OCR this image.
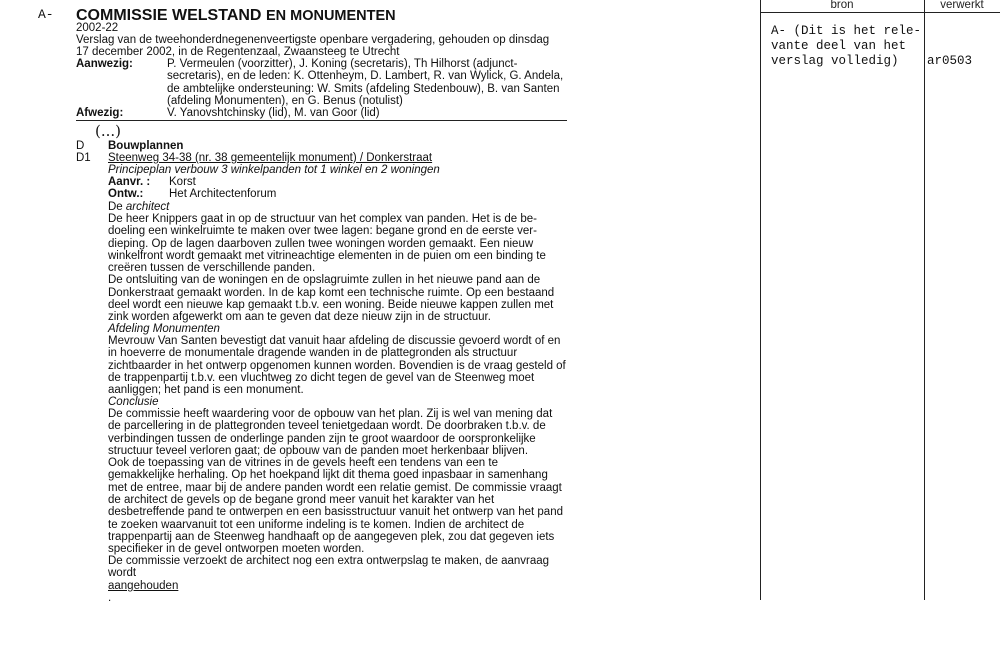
A- COMMISSIE WELSTAND EN MONUMENTEN
2002-22
Verslag van de tweehonderdnegenenveertigste openbare vergadering, gehouden op dinsdag
17 december 2002, in de Regentenzaal, Zwaansteeg te Utrecht
Aanwezig:	P. Vermeulen (voorzitter), J. Koning (secretaris), Th Hilhorst (adjunct-
secretaris), en de leden: K. Ottenheym, D. Lambert, R. van Wylick, G. Andela,
de ambtelijke ondersteuning: W. Smits (afdeling Stedenbouw), B. van Santen
(afdeling Monumenten), en G. Benus (notulist)
Afwezig:	V. Yanovshtchinsky (lid), M. van Goor (lid)
(...)
D Bouwplannen
D1 Steenweg 34-38 (nr. 38 gemeentelijk monument) / Donkerstraat
Principeplan verbouw 3 winkelpanden tot 1 winkel en 2 woningen
Aanvr. : Korst
Ontw.: Het Architectenforum
De architect
De heer Knippers gaat in op de structuur van het complex van panden. Het is de be-
doeling een winkelruimte te maken over twee lagen: begane grond en de eerste ver-
dieping. Op de lagen daarboven zullen twee woningen worden gemaakt. Een nieuw
winkelfront wordt gemaakt met vitrineachtige elementen in de puien om een binding te
creëren tussen de verschillende panden.
De ontsluiting van de woningen en de opslagruimte zullen in het nieuwe pand aan de
Donkerstraat gemaakt worden. In de kap komt een technische ruimte. Op een bestaand
deel wordt een nieuwe kap gemaakt t.b.v. een woning. Beide nieuwe kappen zullen met
zink worden afgewerkt om aan te geven dat deze nieuw zijn in de structuur.
Afdeling Monumenten
Mevrouw Van Santen bevestigt dat vanuit haar afdeling de discussie gevoerd wordt of en
in hoeverre de monumentale dragende wanden in de plattegronden als structuur
zichtbaarder in het ontwerp opgenomen kunnen worden. Bovendien is de vraag gesteld of
de trappenpartij t.b.v. een vluchtweg zo dicht tegen de gevel van de Steenweg moet
aanliggen; het pand is een monument.
Conclusie
De commissie heeft waardering voor de opbouw van het plan. Zij is wel van mening dat
de parcellering in de plattegronden teveel tenietgedaan wordt. De doorbraken t.b.v. de
verbindingen tussen de onderlinge panden zijn te groot waardoor de oorspronkelijke
structuur teveel verloren gaat; de opbouw van de panden moet herkenbaar blijven.
Ook de toepassing van de vitrines in de gevels heeft een tendens van een te
gemakkelijke herhaling. Op het hoekpand lijkt dit thema goed inpasbaar in samenhang
met de entree, maar bij de andere panden wordt een relatie gemist. De commissie vraagt
de architect de gevels op de begane grond meer vanuit het karakter van het
desbetreffende pand te ontwerpen en een basisstructuur vanuit het ontwerp van het pand
te zoeken waarvanuit tot een uniforme indeling is te komen. Indien de architect de
trappenpartij aan de Steenweg handhaaft op de aangegeven plek, zou dat gegeven iets
specifieker in de gevel ontworpen moeten worden.
De commissie verzoekt de architect nog een extra ontwerpslag te maken, de aanvraag
wordt
aangehouden
.
bron	verwerkt
A- (Dit is het rele-
vante deel van het
verslag volledig)	ar0503
